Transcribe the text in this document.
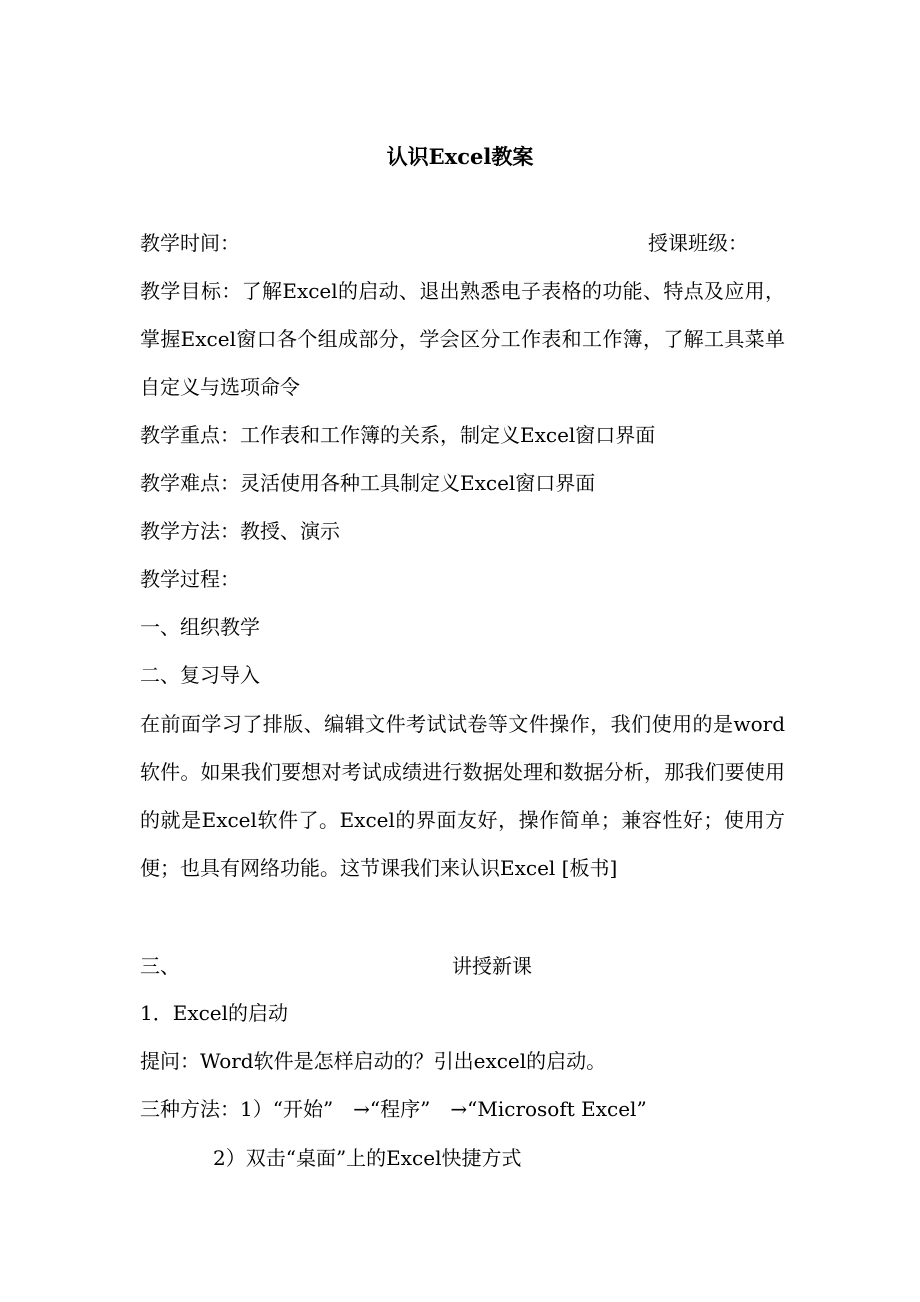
认识Excel教案
教学时间：	授课班级：
教学目标：了解Excel的启动、退出熟悉电子表格的功能、特点及应用，掌握Excel窗口各个组成部分，学会区分工作表和工作簿，了解工具菜单自定义与选项命令
教学重点：工作表和工作簿的关系，制定义Excel窗口界面
教学难点：灵活使用各种工具制定义Excel窗口界面
教学方法：教授、演示
教学过程：
一、组织教学
二、复习导入
在前面学习了排版、编辑文件考试试卷等文件操作，我们使用的是word 软件。如果我们要想对考试成绩进行数据处理和数据分析，那我们要使用的就是Excel软件了。Excel的界面友好，操作简单；兼容性好；使用方便；也具有网络功能。这节课我们来认识Excel [板书]
三、	讲授新课
1．Excel的启动
提问：Word软件是怎样启动的？引出excel的启动。
三种方法：1）“开始”　→“程序”　→“Microsoft Excel”
2）双击“桌面”上的Excel快捷方式
